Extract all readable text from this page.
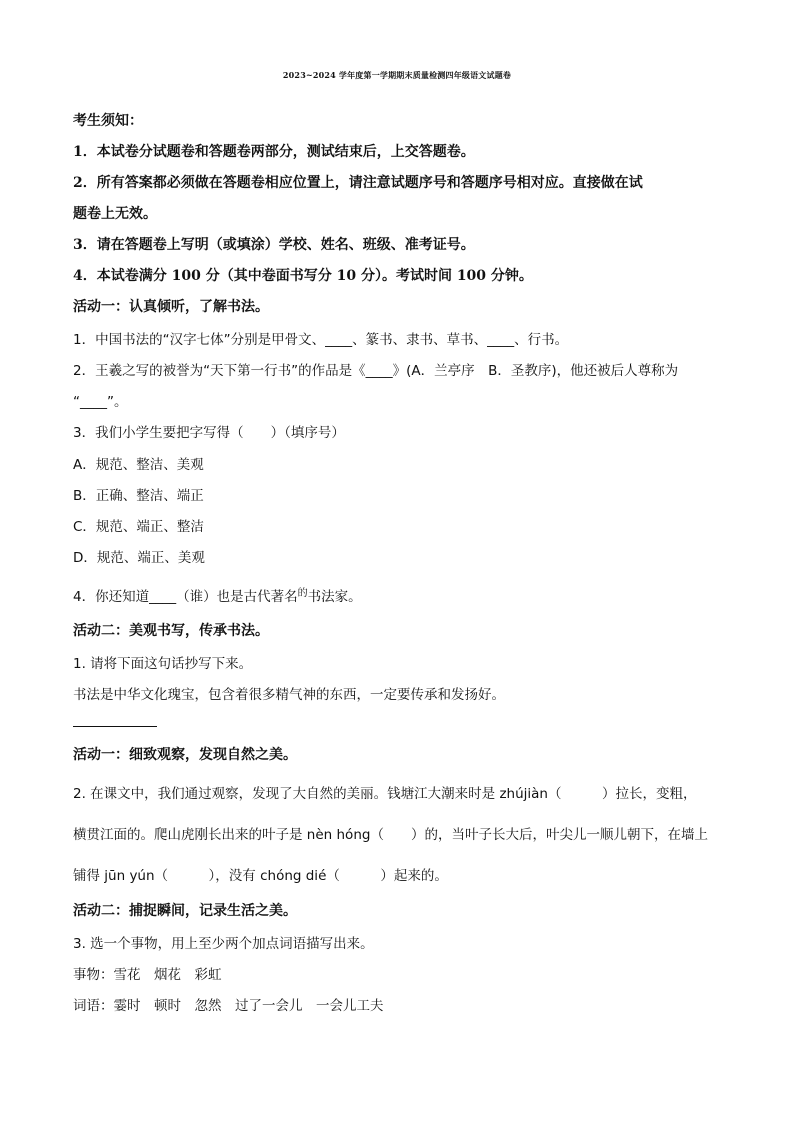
2023~2024 学年度第一学期期末质量检测四年级语文试题卷
考生须知：
1．本试卷分试题卷和答题卷两部分，测试结束后，上交答题卷。
2．所有答案都必须做在答题卷相应位置上，请注意试题序号和答题序号相对应。直接做在试
题卷上无效。
3．请在答题卷上写明（或填涂）学校、姓名、班级、准考证号。
4．本试卷满分 100 分（其中卷面书写分 10 分）。考试时间 100 分钟。
活动一：认真倾听，了解书法。
1．中国书法的“汉字七体”分别是甲骨文、____、篆书、隶书、草书、____、行书。
2．王羲之写的被誉为“天下第一行书”的作品是《____》(A．兰亭序　B．圣教序)，他还被后人尊称为
“____”。
3．我们小学生要把字写得（　　）（填序号）
A．规范、整洁、美观
B．正确、整洁、端正
C．规范、端正、整洁
D．规范、端正、美观
4．你还知道____（谁）也是古代著名$^的$书法家。
活动二：美观书写，传承书法。
1. 请将下面这句话抄写下来。
书法是中华文化瑰宝，包含着很多精气神的东西，一定要传承和发扬好。
活动一：细致观察，发现自然之美。
2. 在课文中，我们通过观察，发现了大自然的美丽。钱塘江大潮来时是 zhújiàn（　　　）拉长，变粗，
横贯江面的。爬山虎刚长出来的叶子是 nèn hóng（　　）的，当叶子长大后，叶尖儿一顺儿朝下，在墙上
铺得 jūn yún（　　　），没有 chóng dié（　　　）起来的。
活动二：捕捉瞬间，记录生活之美。
3. 选一个事物，用上至少两个加点词语描写出来。
事物：雪花　烟花　彩虹
词语：霎时　顿时　忽然　过了一会儿　一会儿工夫
